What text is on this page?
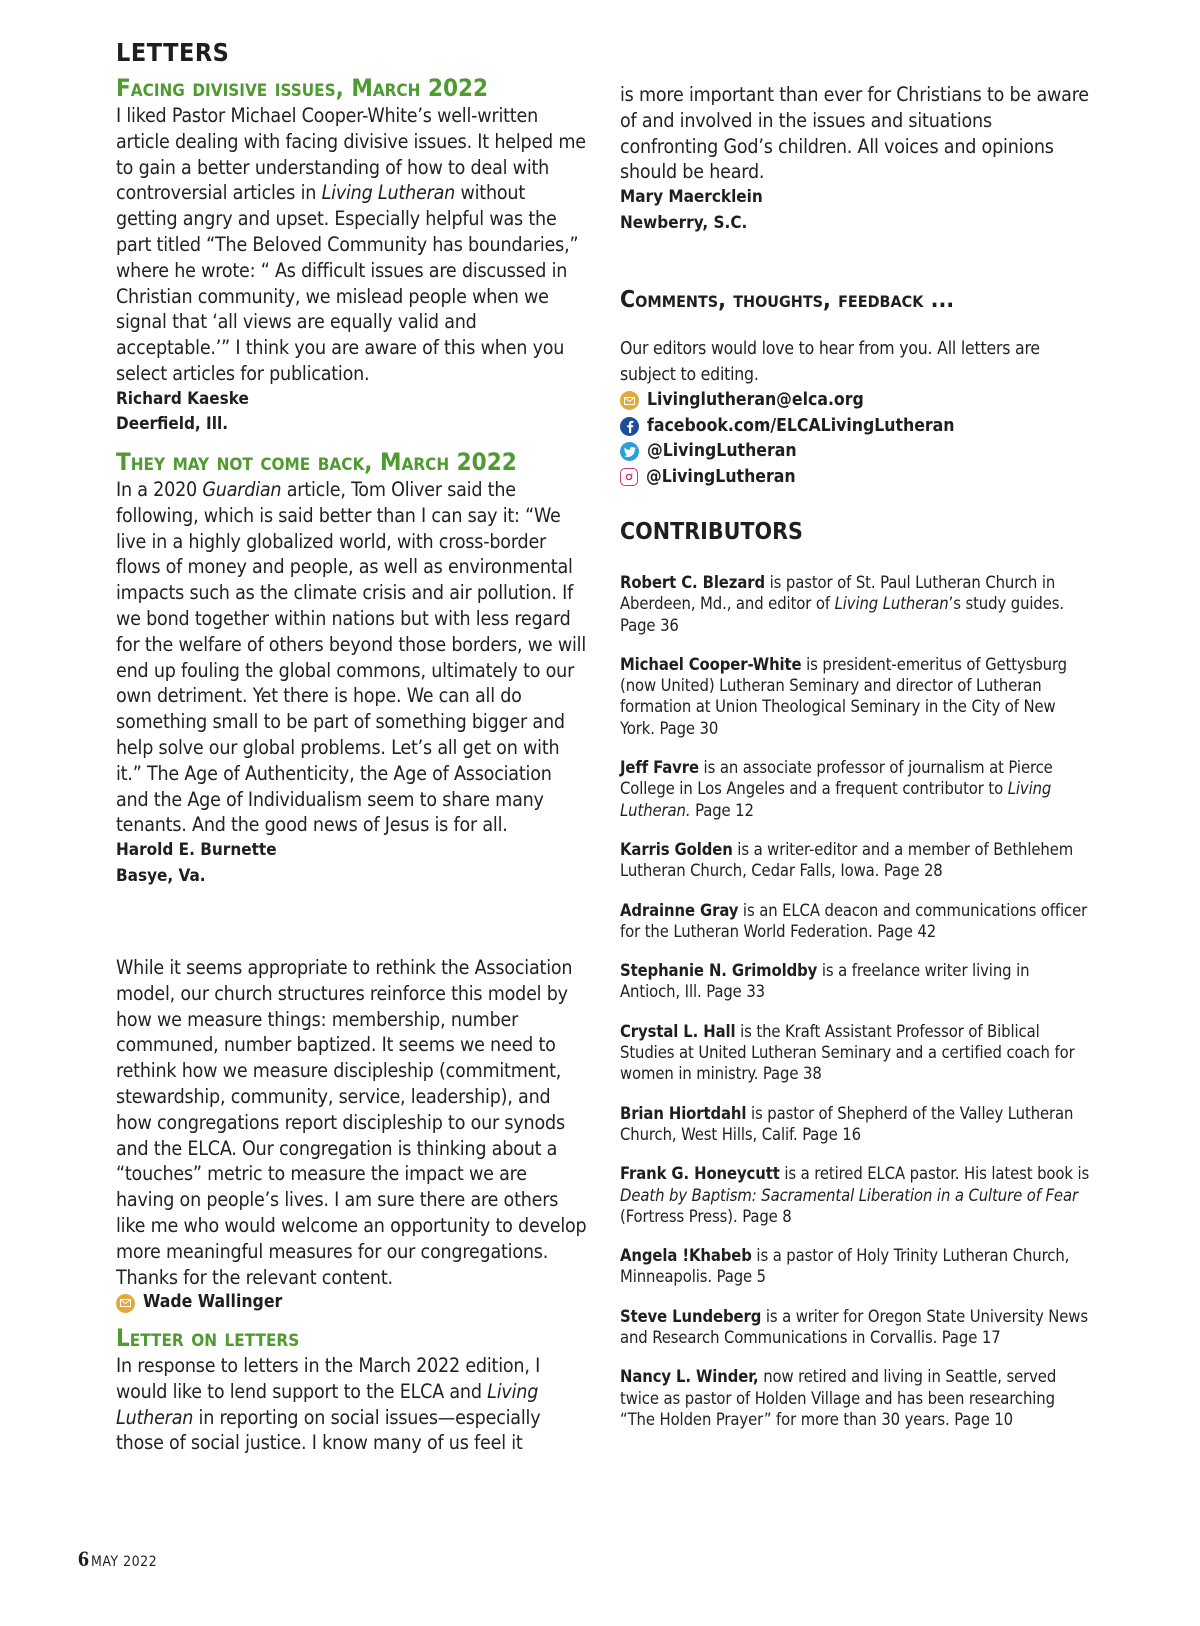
LETTERS
Facing divisive issues, March 2022

I liked Pastor Michael Cooper-White’s well-written article dealing with facing divisive issues. It helped me to gain a better understanding of how to deal with controversial articles in Living Lutheran without getting angry and upset. Especially helpful was the part titled “The Beloved Community has boundaries,” where he wrote: “ As difficult issues are discussed in Christian community, we mislead people when we signal that ‘all views are equally valid and acceptable.’” I think you are aware of this when you select articles for publication.

Richard Kaeske

Deerfield, Ill.

They may not come back, March 2022

In a 2020 Guardian article, Tom Oliver said the following, which is said better than I can say it: “We live in a highly globalized world, with cross-border flows of money and people, as well as environmental impacts such as the climate crisis and air pollution. If we bond together within nations but with less regard for the welfare of others beyond those borders, we will end up fouling the global commons, ultimately to our own detriment. Yet there is hope. We can all do something small to be part of something bigger and help solve our global problems. Let’s all get on with it.” The Age of Authenticity, the Age of Association and the Age of Individualism seem to share many tenants. And the good news of Jesus is for all.

Harold E. Burnette

Basye, Va.

While it seems appropriate to rethink the Association model, our church structures reinforce this model by how we measure things: membership, number communed, number baptized. It seems we need to rethink how we measure discipleship (commitment, stewardship, community, service, leadership), and how congregations report discipleship to our synods and the ELCA. Our congregation is thinking about a “touches” metric to measure the impact we are having on people’s lives. I am sure there are others like me who would welcome an opportunity to develop more meaningful measures for our congregations. Thanks for the relevant content.

Wade Wallinger
Letter on letters

In response to letters in the March 2022 edition, I would like to lend support to the ELCA and Living Lutheran in reporting on social issues—especially those of social justice. I know many of us feel it

is more important than ever for Christians to be aware of and involved in the issues and situations confronting God’s children. All voices and opinions should be heard.

Mary Maercklein

Newberry, S.C.

Comments, thoughts, feedback ...

Our editors would love to hear from you. All letters are subject to editing.

Livinglutheran@elca.org
facebook.com/ELCALivingLutheran
@LivingLutheran
@LivingLutheran
CONTRIBUTORS

Robert C. Blezard is pastor of St. Paul Lutheran Church in Aberdeen, Md., and editor of Living Lutheran’s study guides. Page 36

Michael Cooper-White is president-emeritus of Gettysburg (now United) Lutheran Seminary and director of Lutheran formation at Union Theological Seminary in the City of New York. Page 30

Jeff Favre is an associate professor of journalism at Pierce College in Los Angeles and a frequent contributor to Living Lutheran. Page 12

Karris Golden is a writer-editor and a member of Bethlehem Lutheran Church, Cedar Falls, Iowa. Page 28

Adrainne Gray is an ELCA deacon and communications officer for the Lutheran World Federation. Page 42

Stephanie N. Grimoldby is a freelance writer living in Antioch, Ill. Page 33

Crystal L. Hall is the Kraft Assistant Professor of Biblical Studies at United Lutheran Seminary and a certified coach for women in ministry. Page 38

Brian Hiortdahl is pastor of Shepherd of the Valley Lutheran Church, West Hills, Calif. Page 16

Frank G. Honeycutt is a retired ELCA pastor. His latest book is Death by Baptism: Sacramental Liberation in a Culture of Fear (Fortress Press). Page 8

Angela !Khabeb is a pastor of Holy Trinity Lutheran Church, Minneapolis. Page 5

Steve Lundeberg is a writer for Oregon State University News and Research Communications in Corvallis. Page 17

Nancy L. Winder, now retired and living in Seattle, served twice as pastor of Holden Village and has been researching “The Holden Prayer” for more than 30 years. Page 10

6 MAY 2022
